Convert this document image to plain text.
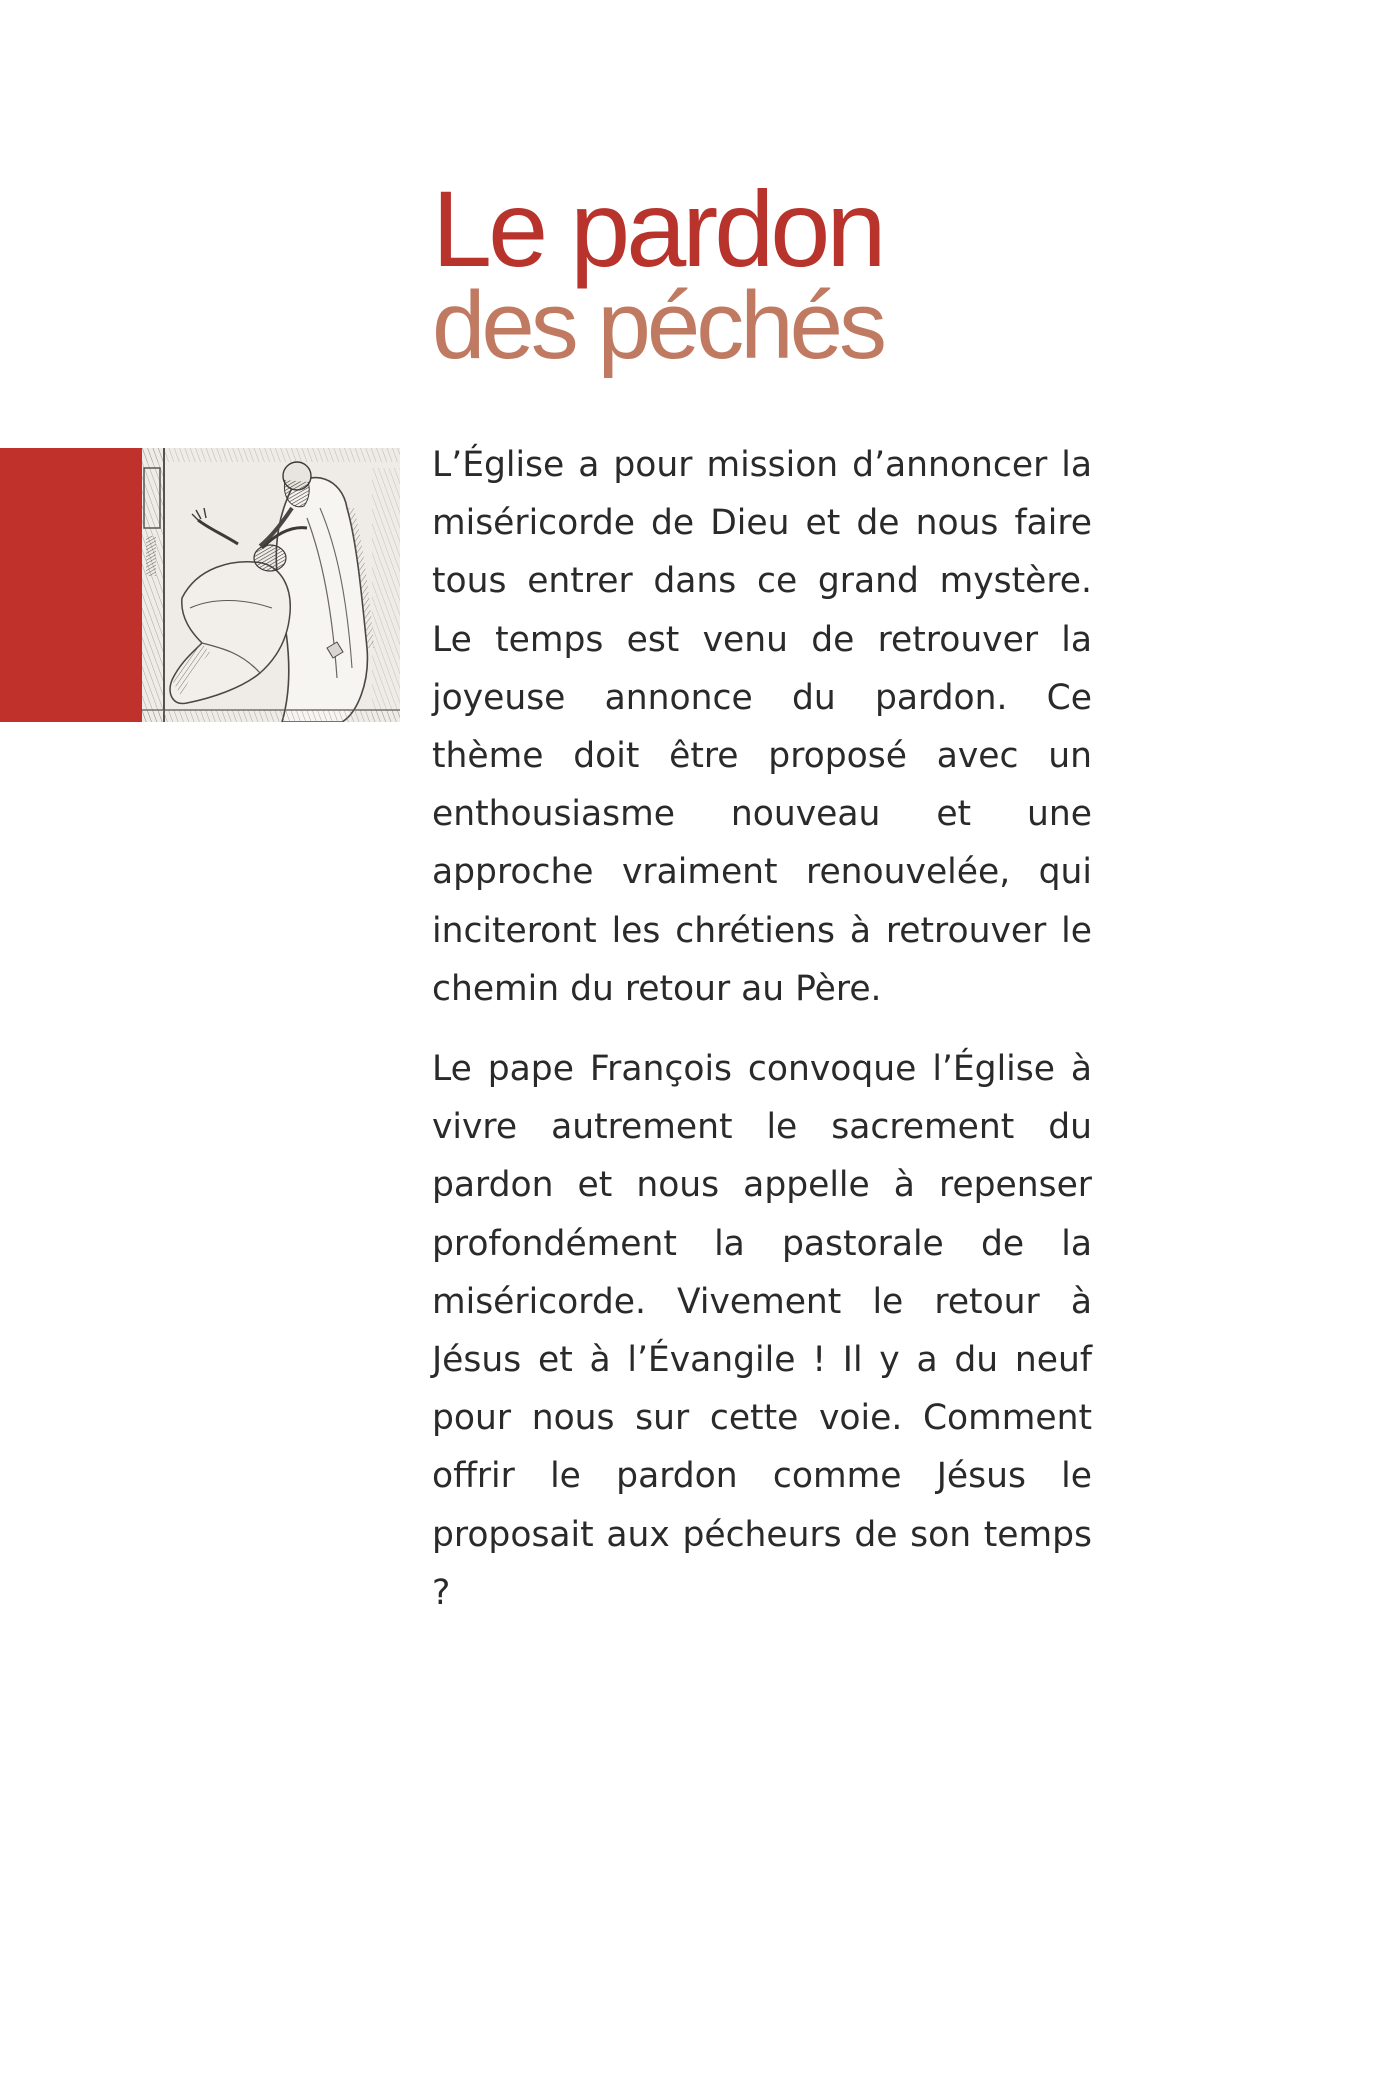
Le pardon
des péchés

L’Église a pour mission d’annoncer la miséricorde de Dieu et de nous faire tous entrer dans ce grand mystère. Le temps est venu de retrouver la joyeuse annonce du pardon. Ce thème doit être proposé avec un enthousiasme nouveau et une approche vraiment renouvelée, qui inciteront les chrétiens à retrouver le chemin du retour au Père.

Le pape François convoque l’Église à vivre autrement le sacrement du pardon et nous appelle à repenser profondément la pastorale de la miséricorde. Vivement le retour à Jésus et à l’Évangile ! Il y a du neuf pour nous sur cette voie. Comment offrir le pardon comme Jésus le proposait aux pécheurs de son temps ?
